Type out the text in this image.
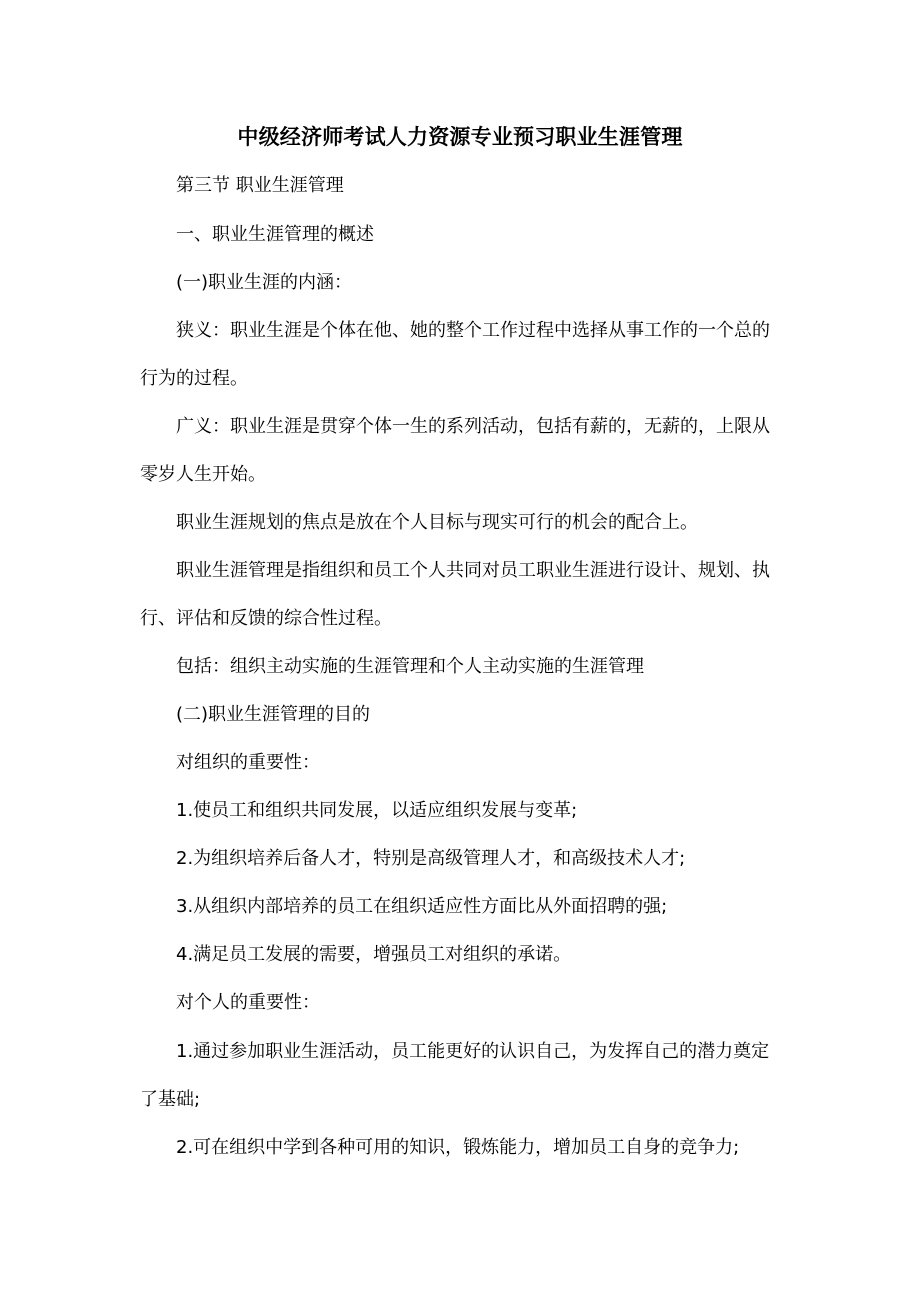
中级经济师考试人力资源专业预习职业生涯管理
第三节 职业生涯管理
一、职业生涯管理的概述
(一)职业生涯的内涵：
狭义：职业生涯是个体在他、她的整个工作过程中选择从事工作的一个总的
行为的过程。
广义：职业生涯是贯穿个体一生的系列活动，包括有薪的，无薪的，上限从
零岁人生开始。
职业生涯规划的焦点是放在个人目标与现实可行的机会的配合上。
职业生涯管理是指组织和员工个人共同对员工职业生涯进行设计、规划、执
行、评估和反馈的综合性过程。
包括：组织主动实施的生涯管理和个人主动实施的生涯管理
(二)职业生涯管理的目的
对组织的重要性：
1.使员工和组织共同发展，以适应组织发展与变革;
2.为组织培养后备人才，特别是高级管理人才，和高级技术人才;
3.从组织内部培养的员工在组织适应性方面比从外面招聘的强;
4.满足员工发展的需要，增强员工对组织的承诺。
对个人的重要性：
1.通过参加职业生涯活动，员工能更好的认识自己，为发挥自己的潜力奠定
了基础;
2.可在组织中学到各种可用的知识，锻炼能力，增加员工自身的竞争力;
